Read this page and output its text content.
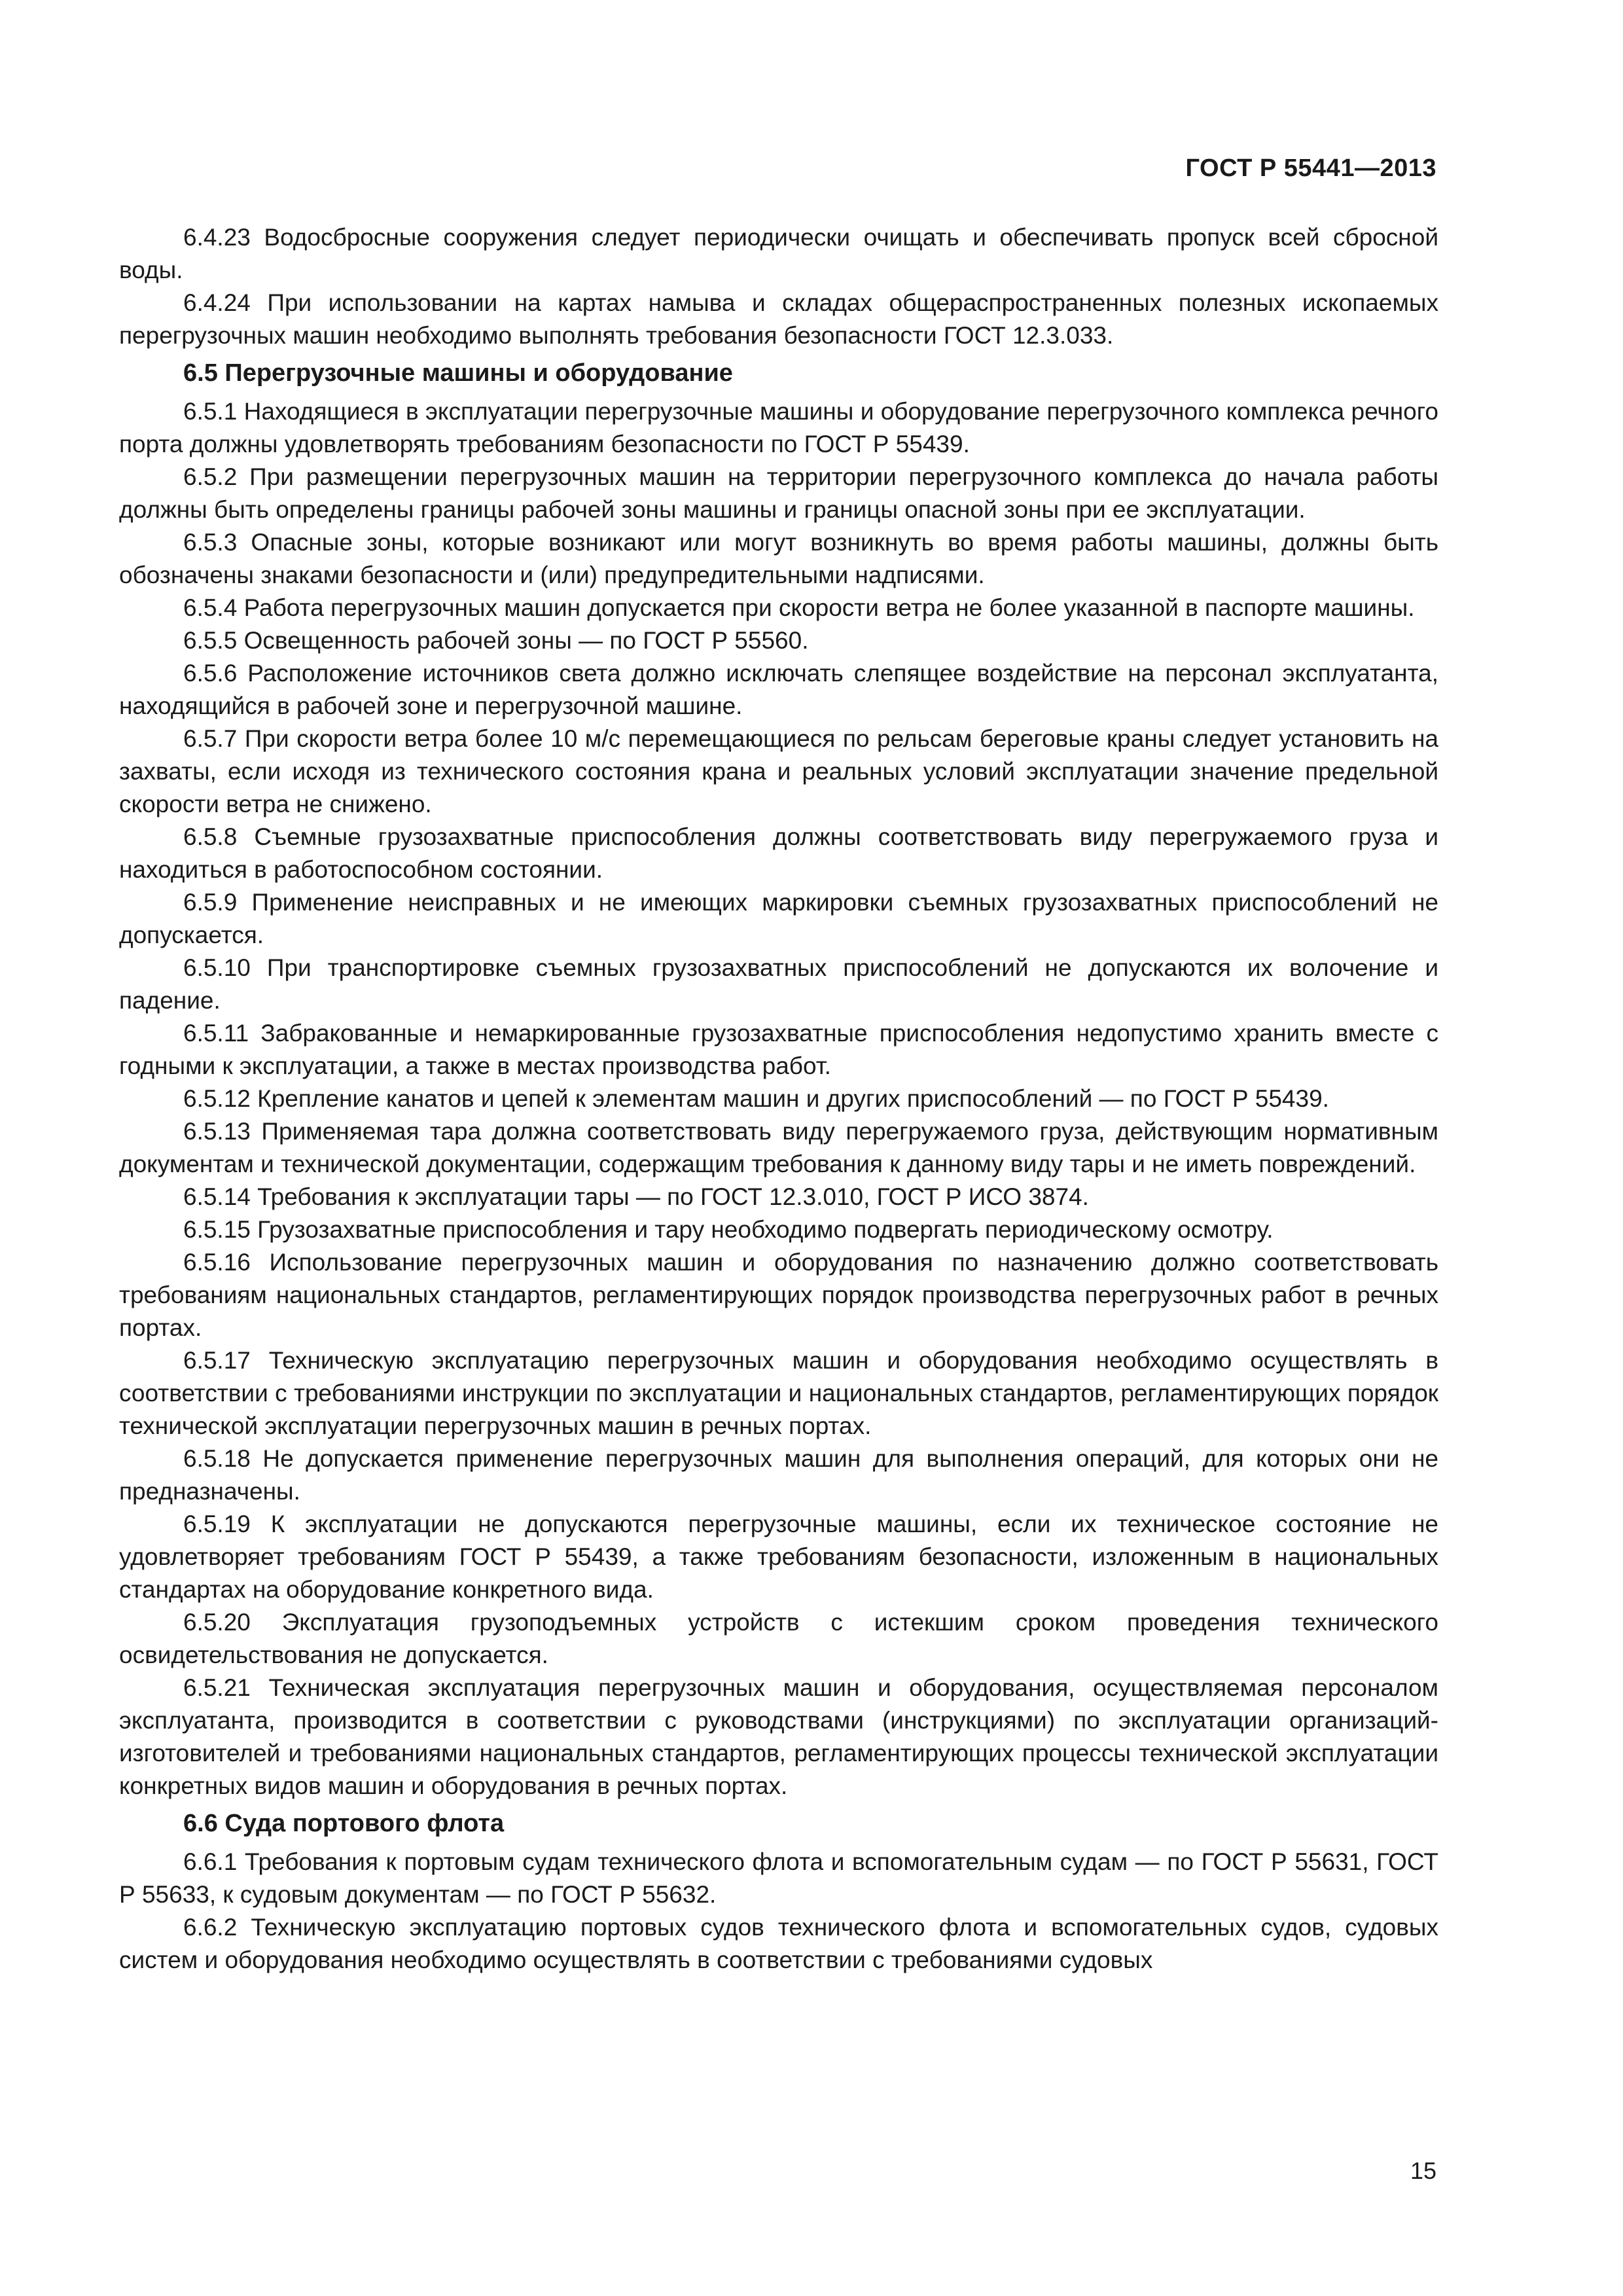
ГОСТ Р 55441—2013

6.4.23 Водосбросные сооружения следует периодически очищать и обеспечивать пропуск всей сбросной воды.

6.4.24 При использовании на картах намыва и складах общераспространенных полезных ископаемых перегрузочных машин необходимо выполнять требования безопасности ГОСТ 12.3.033.

6.5 Перегрузочные машины и оборудование

6.5.1 Находящиеся в эксплуатации перегрузочные машины и оборудование перегрузочного комплекса речного порта должны удовлетворять требованиям безопасности по ГОСТ Р 55439.

6.5.2 При размещении перегрузочных машин на территории перегрузочного комплекса до начала работы должны быть определены границы рабочей зоны машины и границы опасной зоны при ее эксплуатации.

6.5.3 Опасные зоны, которые возникают или могут возникнуть во время работы машины, должны быть обозначены знаками безопасности и (или) предупредительными надписями.

6.5.4 Работа перегрузочных машин допускается при скорости ветра не более указанной в паспорте машины.

6.5.5 Освещенность рабочей зоны — по ГОСТ Р 55560.

6.5.6 Расположение источников света должно исключать слепящее воздействие на персонал эксплуатанта, находящийся в рабочей зоне и перегрузочной машине.

6.5.7 При скорости ветра более 10 м/с перемещающиеся по рельсам береговые краны следует установить на захваты, если исходя из технического состояния крана и реальных условий эксплуатации значение предельной скорости ветра не снижено.

6.5.8 Съемные грузозахватные приспособления должны соответствовать виду перегружаемого груза и находиться в работоспособном состоянии.

6.5.9 Применение неисправных и не имеющих маркировки съемных грузозахватных приспособлений не допускается.

6.5.10 При транспортировке съемных грузозахватных приспособлений не допускаются их волочение и падение.

6.5.11 Забракованные и немаркированные грузозахватные приспособления недопустимо хранить вместе с годными к эксплуатации, а также в местах производства работ.

6.5.12 Крепление канатов и цепей к элементам машин и других приспособлений — по ГОСТ Р 55439.

6.5.13 Применяемая тара должна соответствовать виду перегружаемого груза, действующим нормативным документам и технической документации, содержащим требования к данному виду тары и не иметь повреждений.

6.5.14 Требования к эксплуатации тары — по ГОСТ 12.3.010, ГОСТ Р ИСО 3874.

6.5.15 Грузозахватные приспособления и тару необходимо подвергать периодическому осмотру.

6.5.16 Использование перегрузочных машин и оборудования по назначению должно соответствовать требованиям национальных стандартов, регламентирующих порядок производства перегрузочных работ в речных портах.

6.5.17 Техническую эксплуатацию перегрузочных машин и оборудования необходимо осуществлять в соответствии с требованиями инструкции по эксплуатации и национальных стандартов, регламентирующих порядок технической эксплуатации перегрузочных машин в речных портах.

6.5.18 Не допускается применение перегрузочных машин для выполнения операций, для которых они не предназначены.

6.5.19 К эксплуатации не допускаются перегрузочные машины, если их техническое состояние не удовлетворяет требованиям ГОСТ Р 55439, а также требованиям безопасности, изложенным в национальных стандартах на оборудование конкретного вида.

6.5.20 Эксплуатация грузоподъемных устройств с истекшим сроком проведения технического освидетельствования не допускается.

6.5.21 Техническая эксплуатация перегрузочных машин и оборудования, осуществляемая персоналом эксплуатанта, производится в соответствии с руководствами (инструкциями) по эксплуатации организаций-изготовителей и требованиями национальных стандартов, регламентирующих процессы технической эксплуатации конкретных видов машин и оборудования в речных портах.

6.6 Суда портового флота

6.6.1 Требования к портовым судам технического флота и вспомогательным судам — по ГОСТ Р 55631, ГОСТ Р 55633, к судовым документам — по ГОСТ Р 55632.

6.6.2 Техническую эксплуатацию портовых судов технического флота и вспомогательных судов, судовых систем и оборудования необходимо осуществлять в соответствии с требованиями судовых

15
